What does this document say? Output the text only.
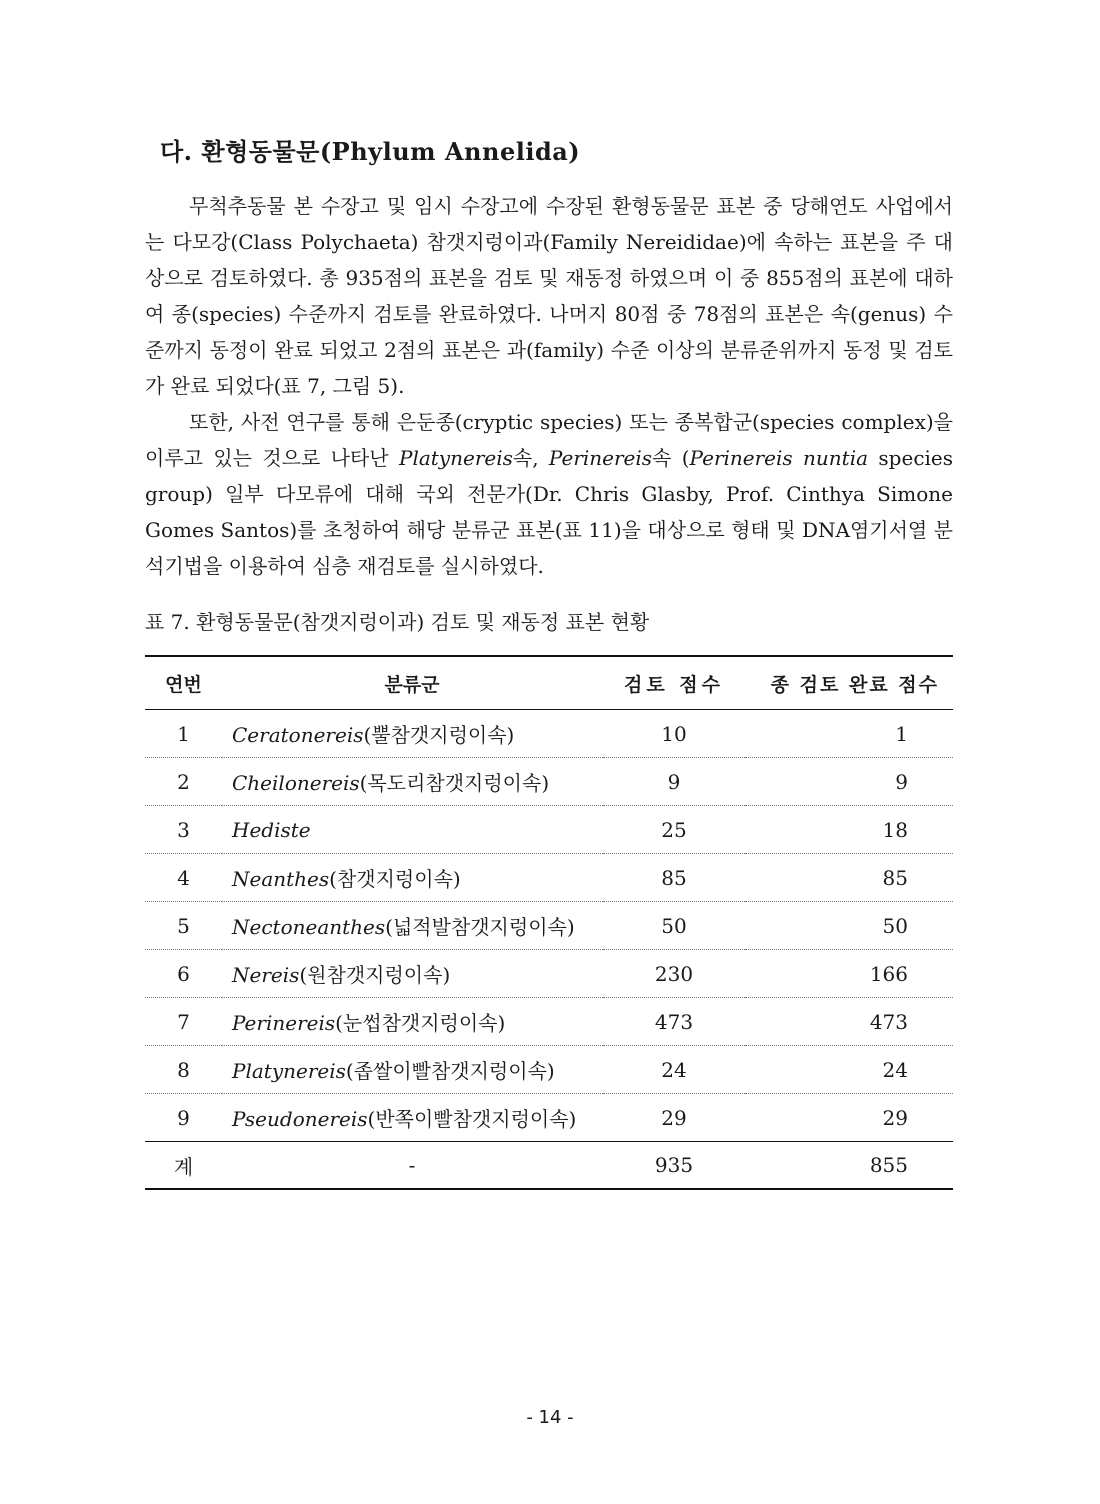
다. 환형동물문(Phylum Annelida)

무척추동물 본 수장고 및 임시 수장고에 수장된 환형동물문 표본 중 당해연도 사업에서는 다모강(Class Polychaeta) 참갯지렁이과(Family Nereididae)에 속하는 표본을 주 대상으로 검토하였다. 총 935점의 표본을 검토 및 재동정 하였으며 이 중 855점의 표본에 대하여 종(species) 수준까지 검토를 완료하였다. 나머지 80점 중 78점의 표본은 속(genus) 수준까지 동정이 완료 되었고 2점의 표본은 과(family) 수준 이상의 분류준위까지 동정 및 검토가 완료 되었다(표 7, 그림 5).

또한, 사전 연구를 통해 은둔종(cryptic species) 또는 종복합군(species complex)을 이루고 있는 것으로 나타난 Platynereis속, Perinereis속 (Perinereis nuntia species group) 일부 다모류에 대해 국외 전문가(Dr. Chris Glasby, Prof. Cinthya Simone Gomes Santos)를 초청하여 해당 분류군 표본(표 11)을 대상으로 형태 및 DNA염기서열 분석기법을 이용하여 심층 재검토를 실시하였다.

표 7. 환형동물문(참갯지렁이과) 검토 및 재동정 표본 현황
연번	분류군	검토 점수	종 검토 완료 점수
1	Ceratonereis(뿔참갯지렁이속)	10	1
2	Cheilonereis(목도리참갯지렁이속)	9	9
3	Hediste	25	18
4	Neanthes(참갯지렁이속)	85	85
5	Nectoneanthes(넓적발참갯지렁이속)	50	50
6	Nereis(원참갯지렁이속)	230	166
7	Perinereis(눈썹참갯지렁이속)	473	473
8	Platynereis(좁쌀이빨참갯지렁이속)	24	24
9	Pseudonereis(반쪽이빨참갯지렁이속)	29	29
계	-	935	855
- 14 -
